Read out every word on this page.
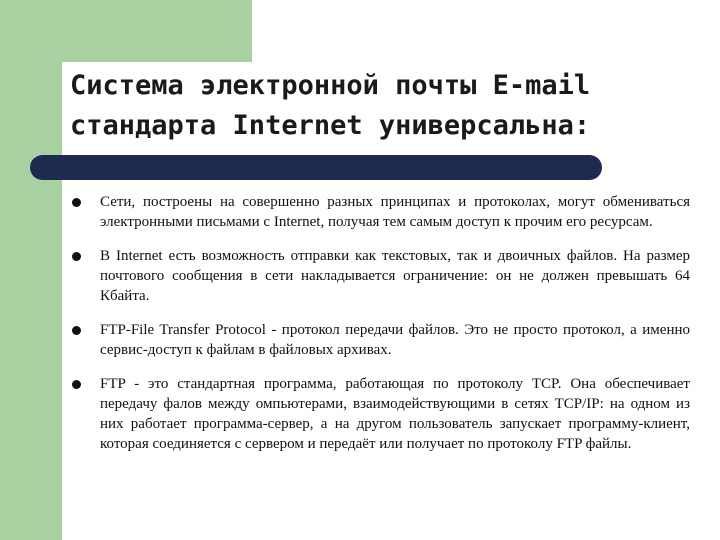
Система электронной почты E-mail
стандарта Internet универсальна:
Сети, построены на совершенно разных принципах и протоколах, могут обмениваться электронными письмами с Internet, получая тем самым доступ к прочим его ресурсам.
В Internet есть возможность отправки как текстовых, так и двоичных файлов. На размер почтового сообщения в сети накладывается ограничение: он не должен превышать 64 Кбайта.
FTP-File Transfer Protocol - протокол передачи файлов. Это не просто протокол, а именно сервис-доступ к файлам в файловых архивах.
FTP - это стандартная программа, работающая по протоколу TCP. Она обеспечивает передачу фалов между омпьютерами, взаимодействующими в сетях TCP/IP: на одном из них работает программа-сервер, а на другом пользователь запускает программу-клиент, которая соединяется с сервером и передаёт или получает по протоколу FTP файлы.
